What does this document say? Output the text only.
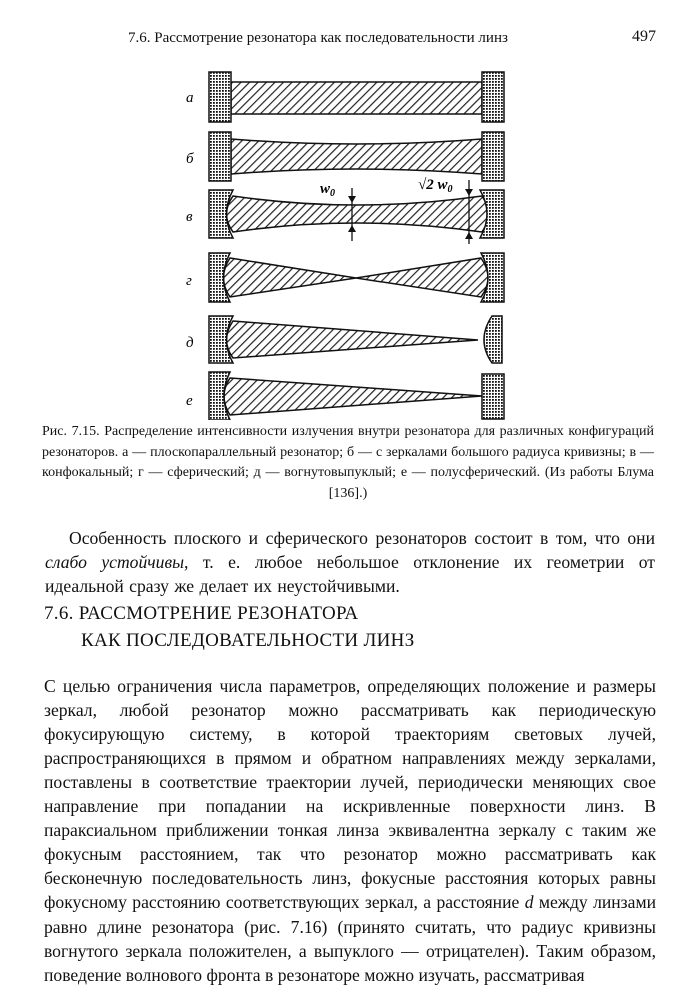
7.6. Рассмотрение резонатора как последовательности линз	497
а
б
в
г
д
е
$w_0$
√2 $w_0$
Рис. 7.15. Распределение интенсивности излучения внутри резонатора для различных конфигураций резонаторов. а — плоскопараллельный резонатор; б — с зеркалами большого радиуса кривизны; в — конфокальный; г — сферический; д — вогнутовыпуклый; е — полусферический. (Из работы Блума [136].)

Особенность плоского и сферического резонаторов состоит в том, что они слабо устойчивы, т. е. любое небольшое отклонение их геометрии от идеальной сразу же делает их неустойчивыми.

7.6. РАССМОТРЕНИЕ РЕЗОНАТОРА
КАК ПОСЛЕДОВАТЕЛЬНОСТИ ЛИНЗ

С целью ограничения числа параметров, определяющих положение и размеры зеркал, любой резонатор можно рассматривать как периодическую фокусирующую систему, в которой траекториям световых лучей, распространяющихся в прямом и обратном направлениях между зеркалами, поставлены в соответствие траектории лучей, периодически меняющих свое направление при попадании на искривленные поверхности линз. В параксиальном приближении тонкая линза эквивалентна зеркалу с таким же фокусным расстоянием, так что резонатор можно рассматривать как бесконечную последовательность линз, фокусные расстояния которых равны фокусному расстоянию соответствующих зеркал, а расстояние d между линзами равно длине резонатора (рис. 7.16) (принято считать, что радиус кривизны вогнутого зеркала положителен, а выпуклого — отрицателен). Таким образом, поведение волнового фронта в резонаторе можно изучать, рассматривая
